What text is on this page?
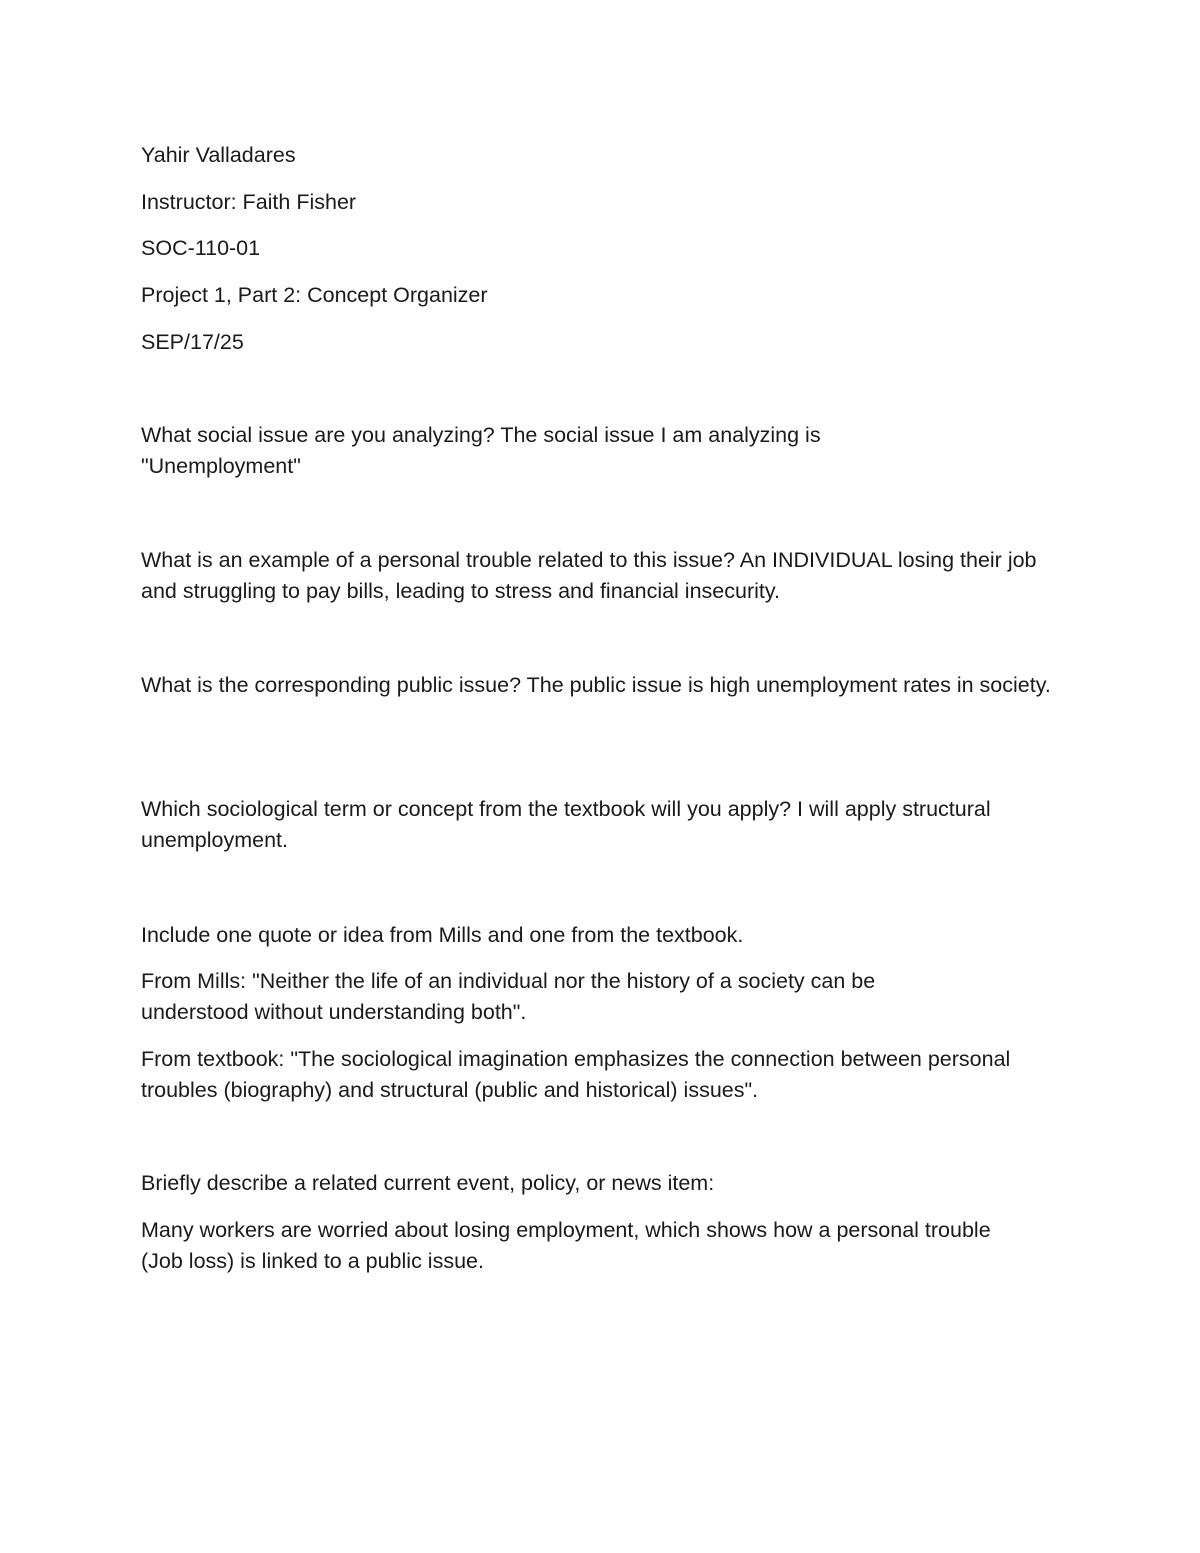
Yahir Valladares

Instructor: Faith Fisher

SOC-110-01

Project 1, Part 2: Concept Organizer

SEP/17/25

What social issue are you analyzing? The social issue I am analyzing is "Unemployment"

What is an example of a personal trouble related to this issue? An INDIVIDUAL losing their job and struggling to pay bills, leading to stress and financial insecurity.

What is the corresponding public issue? The public issue is high unemployment rates in society.

Which sociological term or concept from the textbook will you apply? I will apply structural unemployment.

Include one quote or idea from Mills and one from the textbook.

From Mills: "Neither the life of an individual nor the history of a society can be understood without understanding both".

From textbook: "The sociological imagination emphasizes the connection between personal troubles (biography) and structural (public and historical) issues".

Briefly describe a related current event, policy, or news item:

Many workers are worried about losing employment, which shows how a personal trouble (Job loss) is linked to a public issue.
